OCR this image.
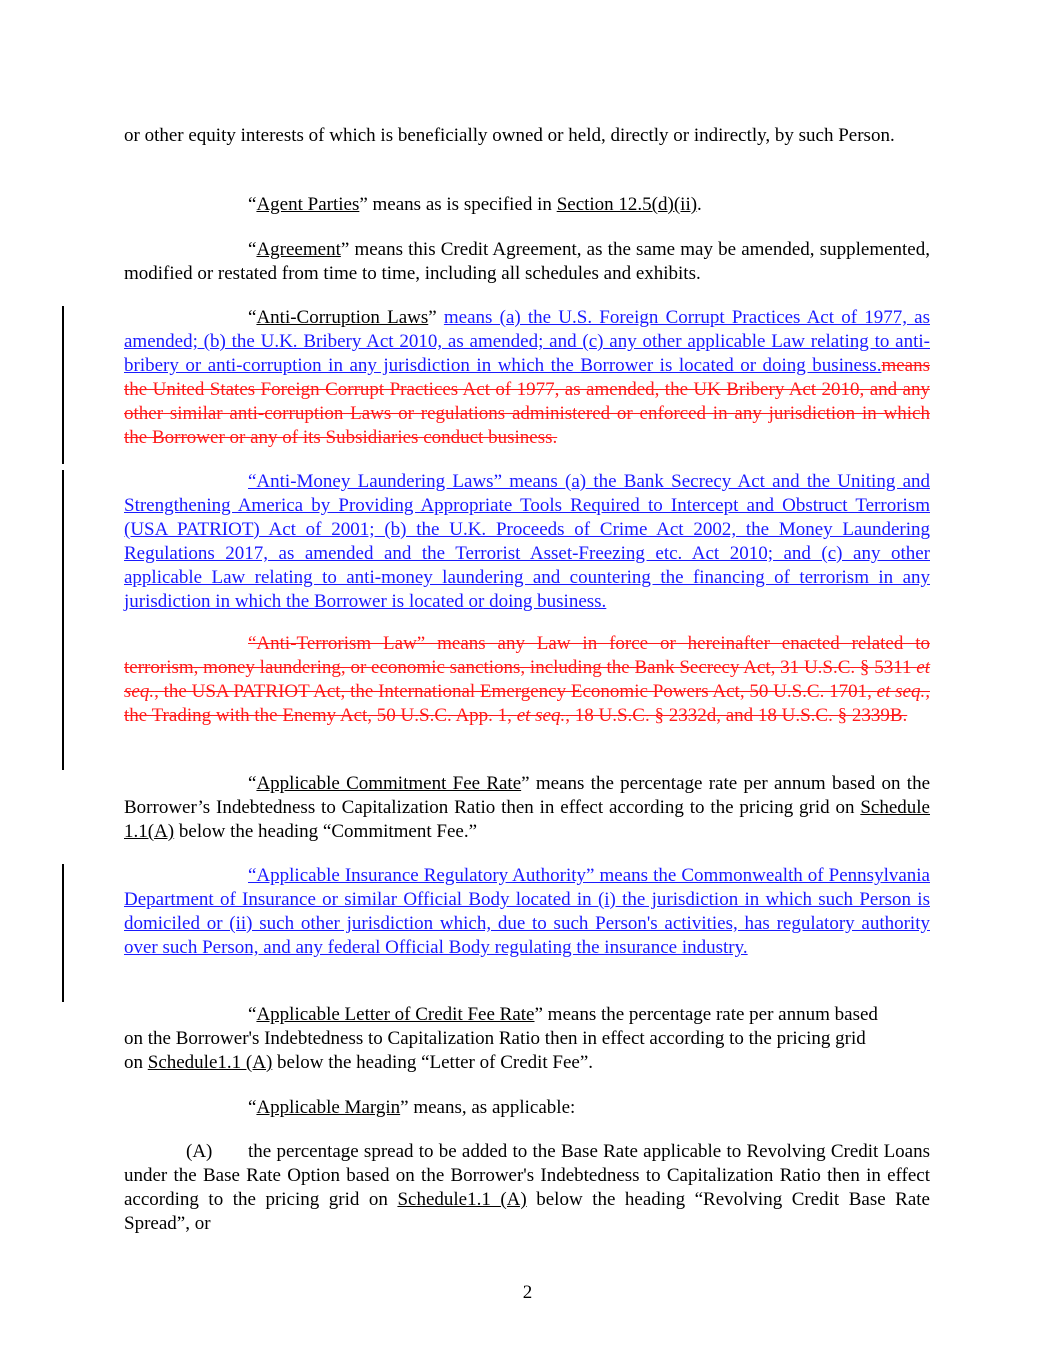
or other equity interests of which is beneficially owned or held, directly or indirectly, by such Person.

“Agent Parties” means as is specified in Section 12.5(d)(ii).

“Agreement” means this Credit Agreement, as the same may be amended, supplemented, modified or restated from time to time, including all schedules and exhibits.

“Anti-Corruption Laws” means (a) the U.S. Foreign Corrupt Practices Act of 1977, as amended; (b) the U.K. Bribery Act 2010, as amended; and (c) any other applicable Law relating to anti-bribery or anti-corruption in any jurisdiction in which the Borrower is located or doing business.means the United States Foreign Corrupt Practices Act of 1977, as amended, the UK Bribery Act 2010, and any other similar anti-corruption Laws or regulations administered or enforced in any jurisdiction in which the Borrower or any of its Subsidiaries conduct business.

“Anti-Money Laundering Laws” means (a) the Bank Secrecy Act and the Uniting and Strengthening America by Providing Appropriate Tools Required to Intercept and Obstruct Terrorism (USA PATRIOT) Act of 2001; (b) the U.K. Proceeds of Crime Act 2002, the Money Laundering Regulations 2017, as amended and the Terrorist Asset-Freezing etc. Act 2010; and (c) any other applicable Law relating to anti-money laundering and countering the financing of terrorism in any jurisdiction in which the Borrower is located or doing business.

“Anti-Terrorism Law” means any Law in force or hereinafter enacted related to terrorism, money laundering, or economic sanctions, including the Bank Secrecy Act, 31 U.S.C. § 5311 et seq., the USA PATRIOT Act, the International Emergency Economic Powers Act, 50 U.S.C. 1701, et seq., the Trading with the Enemy Act, 50 U.S.C. App. 1, et seq., 18 U.S.C. § 2332d, and 18 U.S.C. § 2339B.

“Applicable Commitment Fee Rate” means the percentage rate per annum based on the Borrower’s Indebtedness to Capitalization Ratio then in effect according to the pricing grid on Schedule 1.1(A) below the heading “Commitment Fee.”

“Applicable Insurance Regulatory Authority” means the Commonwealth of Pennsylvania Department of Insurance or similar Official Body located in (i) the jurisdiction in which such Person is domiciled or (ii) such other jurisdiction which, due to such Person's activities, has regulatory authority over such Person, and any federal Official Body regulating the insurance industry.

“Applicable Letter of Credit Fee Rate” means the percentage rate per annum based on the Borrower's Indebtedness to Capitalization Ratio then in effect according to the pricing grid on Schedule1.1 (A) below the heading “Letter of Credit Fee”.

“Applicable Margin” means, as applicable:

(A) the percentage spread to be added to the Base Rate applicable to Revolving Credit Loans under the Base Rate Option based on the Borrower's Indebtedness to Capitalization Ratio then in effect according to the pricing grid on Schedule1.1 (A) below the heading “Revolving Credit Base Rate Spread”, or

2
